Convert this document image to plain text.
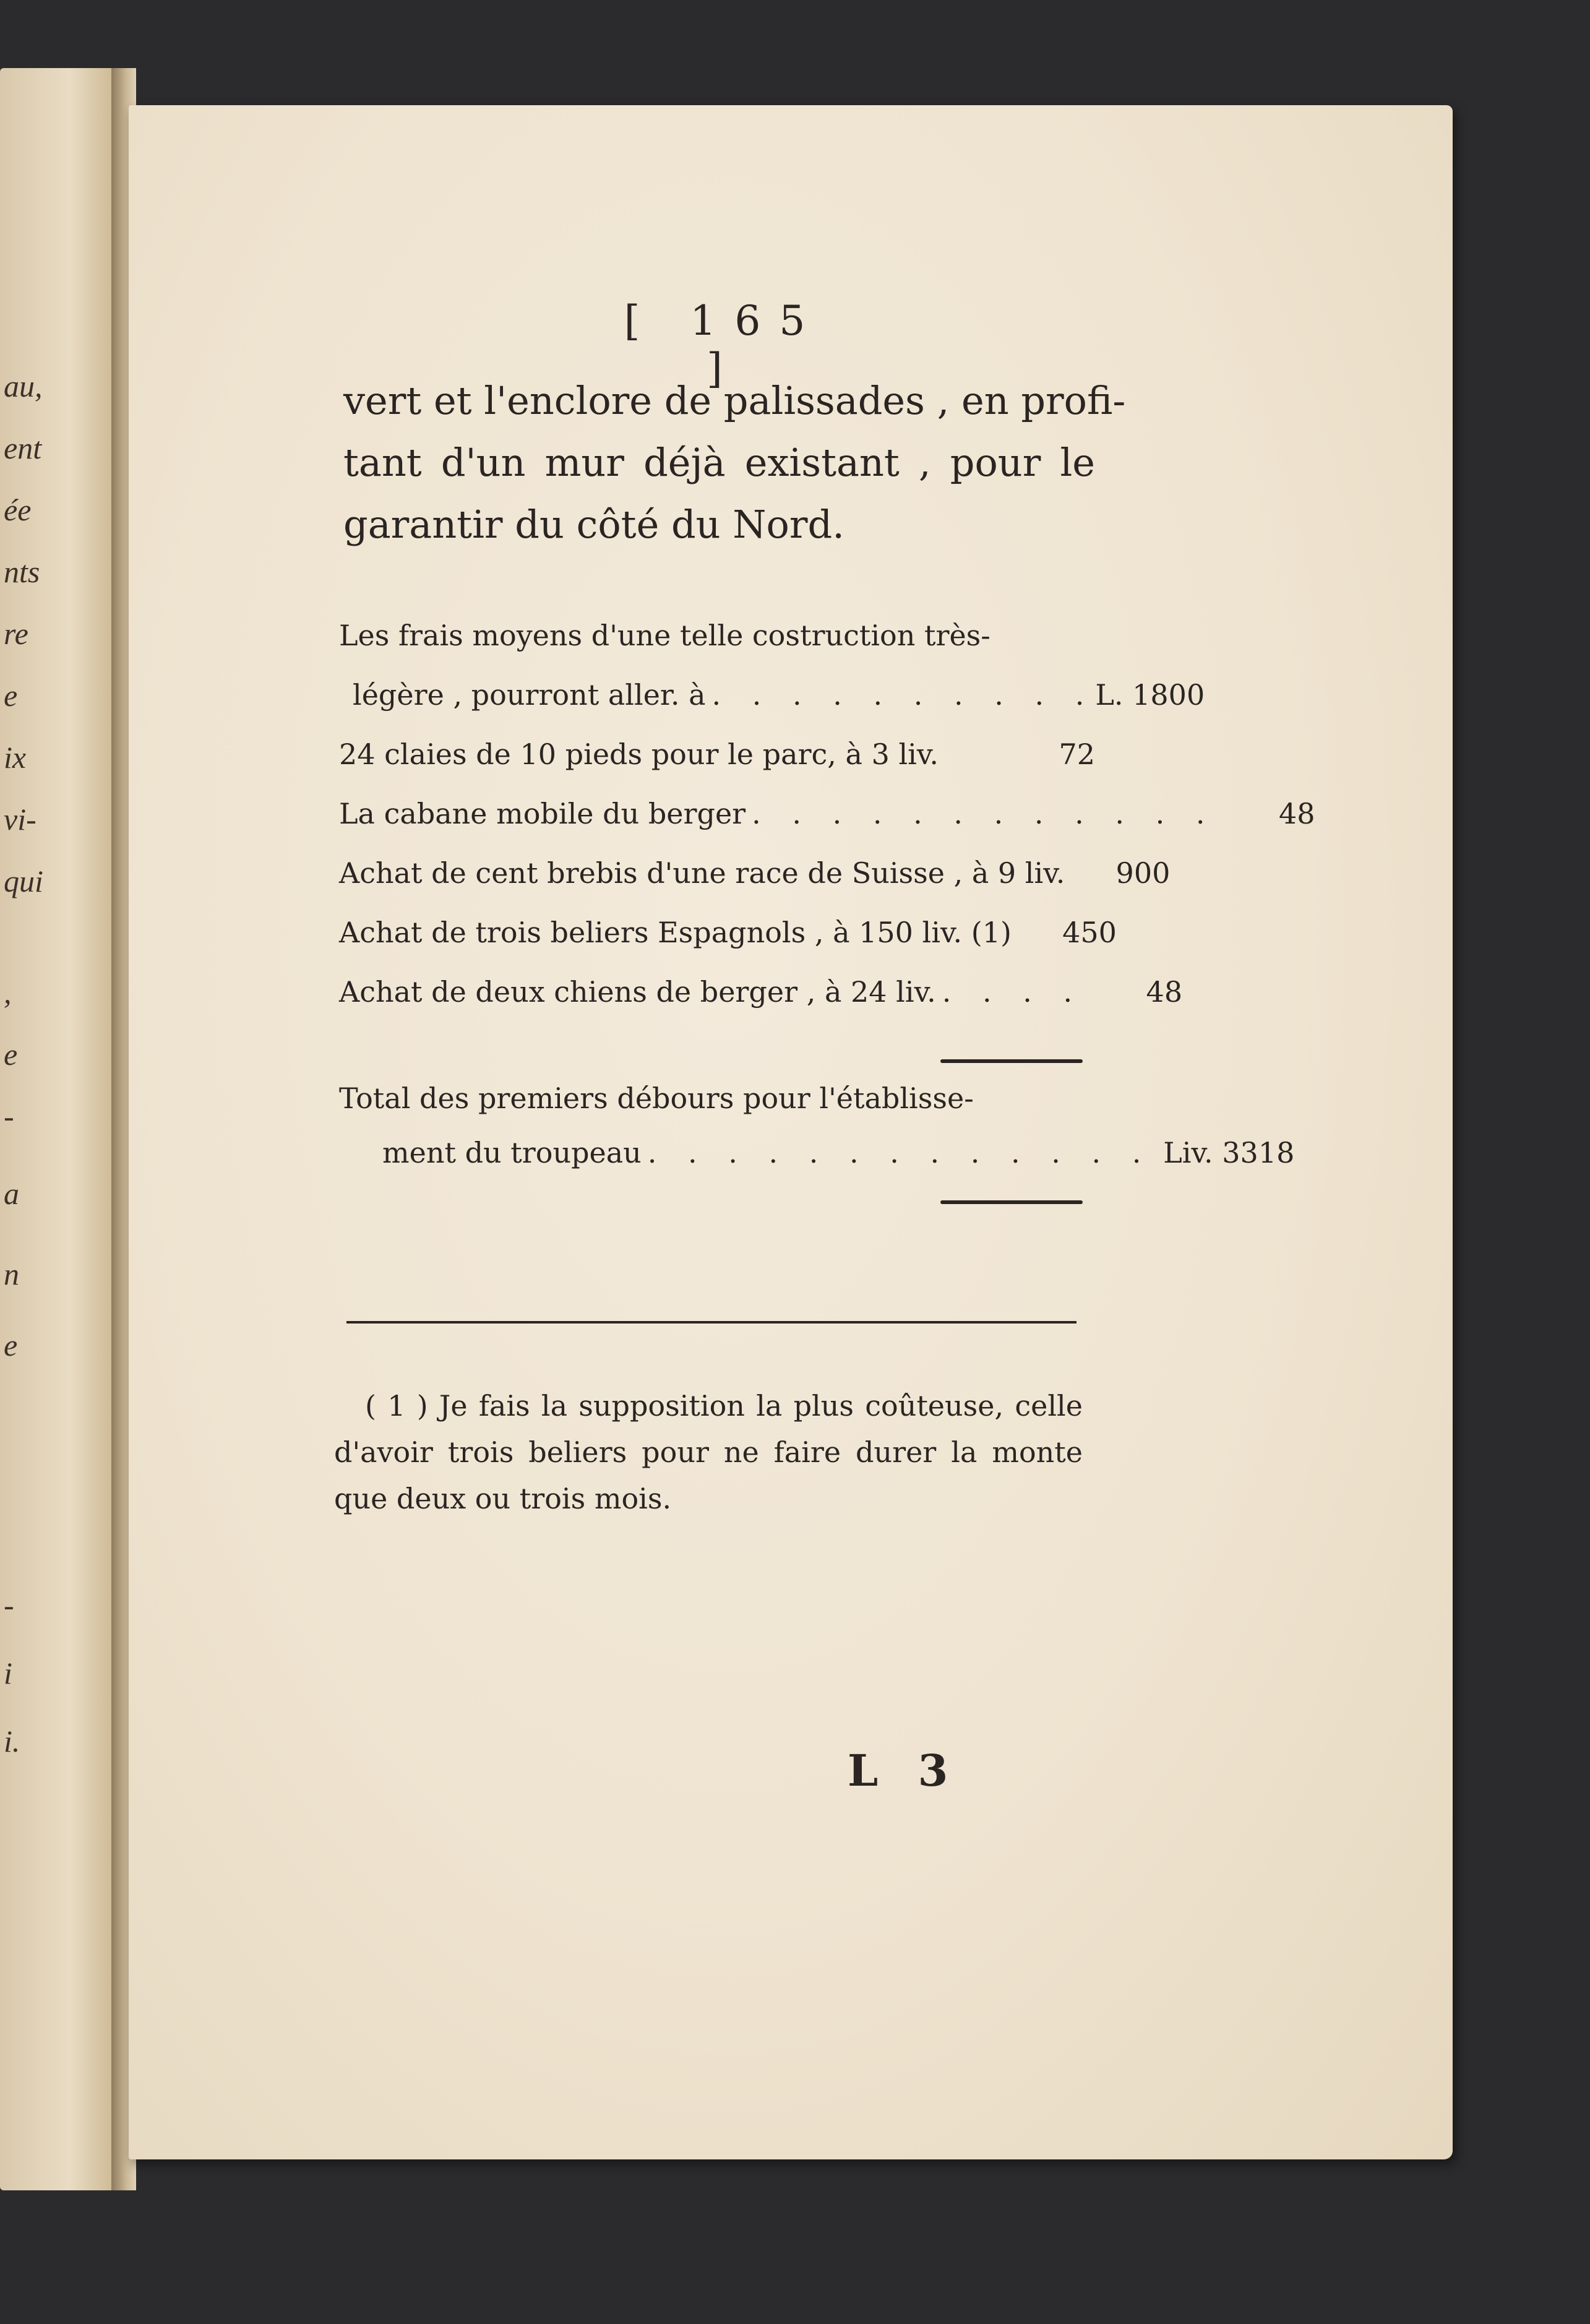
au,
ent
ée
nts
re
e
ix
vi-
qui
,
e
-
a
n
e
-
i
i.
[ 165 ]
vert et l'enclore de palissades , en profi-
tant d'un mur déjà existant , pour le
garantir du côté du Nord.
Les frais moyens d'une telle costruction très-
légère , pourront aller. à . . . . . . . . . . L. 1800
24 claies de 10 pieds pour le parc, à 3 liv.	72
La cabane mobile du berger . . . . . . . . . . . .	48
Achat de cent brebis d'une race de Suisse , à 9 liv.	900
Achat de trois beliers Espagnols , à 150 liv. (1)	450
Achat de deux chiens de berger , à 24 liv. . . . .	48
Total des premiers débours pour l'établisse-
ment du troupeau . . . . . . . . . . . . . Liv. 3318
( 1 ) Je fais la supposition la plus coûteuse, celle
d'avoir trois beliers pour ne faire durer la monte
que deux ou trois mois.
L 3
